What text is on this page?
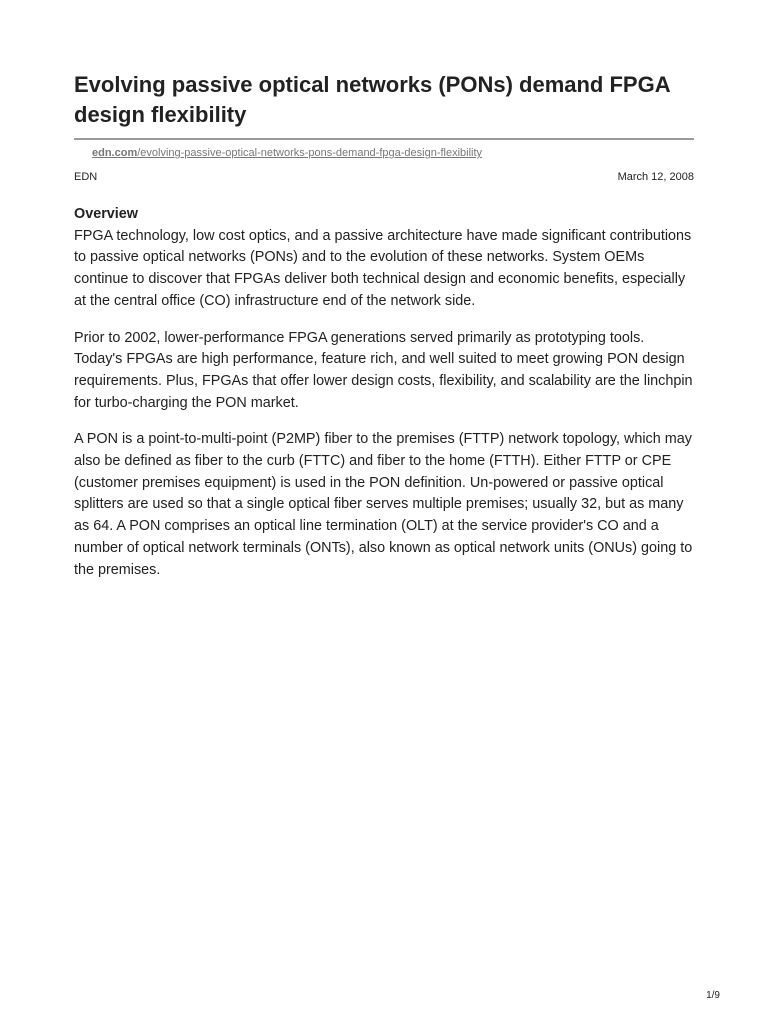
Evolving passive optical networks (PONs) demand FPGA design flexibility
edn.com/evolving-passive-optical-networks-pons-demand-fpga-design-flexibility
EDN	March 12, 2008

Overview

FPGA technology, low cost optics, and a passive architecture have made significant contributions to passive optical networks (PONs) and to the evolution of these networks. System OEMs continue to discover that FPGAs deliver both technical design and economic benefits, especially at the central office (CO) infrastructure end of the network side.

Prior to 2002, lower-performance FPGA generations served primarily as prototyping tools. Today's FPGAs are high performance, feature rich, and well suited to meet growing PON design requirements. Plus, FPGAs that offer lower design costs, flexibility, and scalability are the linchpin for turbo-charging the PON market.

A PON is a point-to-multi-point (P2MP) fiber to the premises (FTTP) network topology, which may also be defined as fiber to the curb (FTTC) and fiber to the home (FTTH). Either FTTP or CPE (customer premises equipment) is used in the PON definition. Un-powered or passive optical splitters are used so that a single optical fiber serves multiple premises; usually 32, but as many as 64. A PON comprises an optical line termination (OLT) at the service provider's CO and a number of optical network terminals (ONTs), also known as optical network units (ONUs) going to the premises.

1/9
